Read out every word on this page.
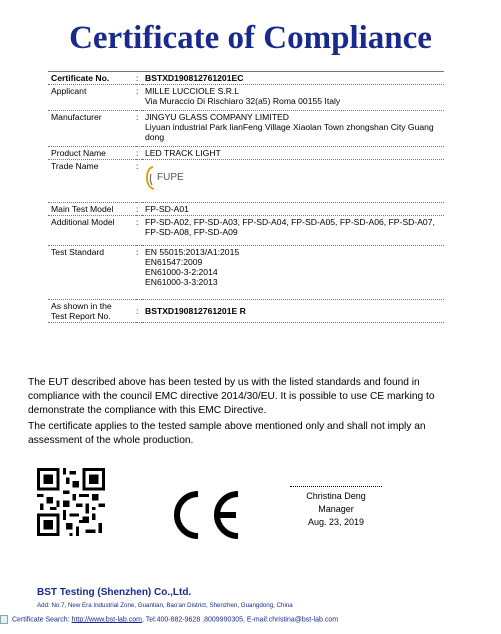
Certificate of Compliance
Certificate No.	:	BSTXD190812761201EC
Applicant	:	MILLE LUCCIOLE S.R.L
Via Muraccio Di Rischiaro 32(a5) Roma 00155 Italy

Manufacturer	:	JINGYU GLASS COMPANY LIMITED
Liyuan industrial Park lianFeng Village Xiaolan Town zhongshan City Guang dong

Product Name	:	LED TRACK LIGHT
Trade Name	:	FUPE

Main Test Model	:	FP-SD-A01
Additional Model	:	FP-SD-A02, FP-SD-A03, FP-SD-A04, FP-SD-A05, FP-SD-A06, FP-SD-A07, FP-SD-A08, FP-SD-A09
Test Standard	:	EN 55015:2013/A1:2015
EN61547:2009
EN61000-3-2:2014
EN61000-3-3:2013

As shown in the
Test Report No.	:	BSTXD190812761201E R
The EUT described above has been tested by us with the listed standards and found in compliance with the council EMC directive 2014/30/EU. It is possible to use CE marking to demonstrate the compliance with this EMC Directive.
The certificate applies to the tested sample above mentioned only and shall not imply an assessment of the whole production.
Christina Deng
Manager
Aug. 23, 2019
BST Testing (Shenzhen) Co.,Ltd.
Add: No.7, New Era Industrial Zone, Guantian, Bao'an District, Shenzhen, Guangdong, China
Certificate Search: http://www.bst-lab.com, Tel:400-882-9628 ,8009990305, E-mail:christina@bst-lab.com
